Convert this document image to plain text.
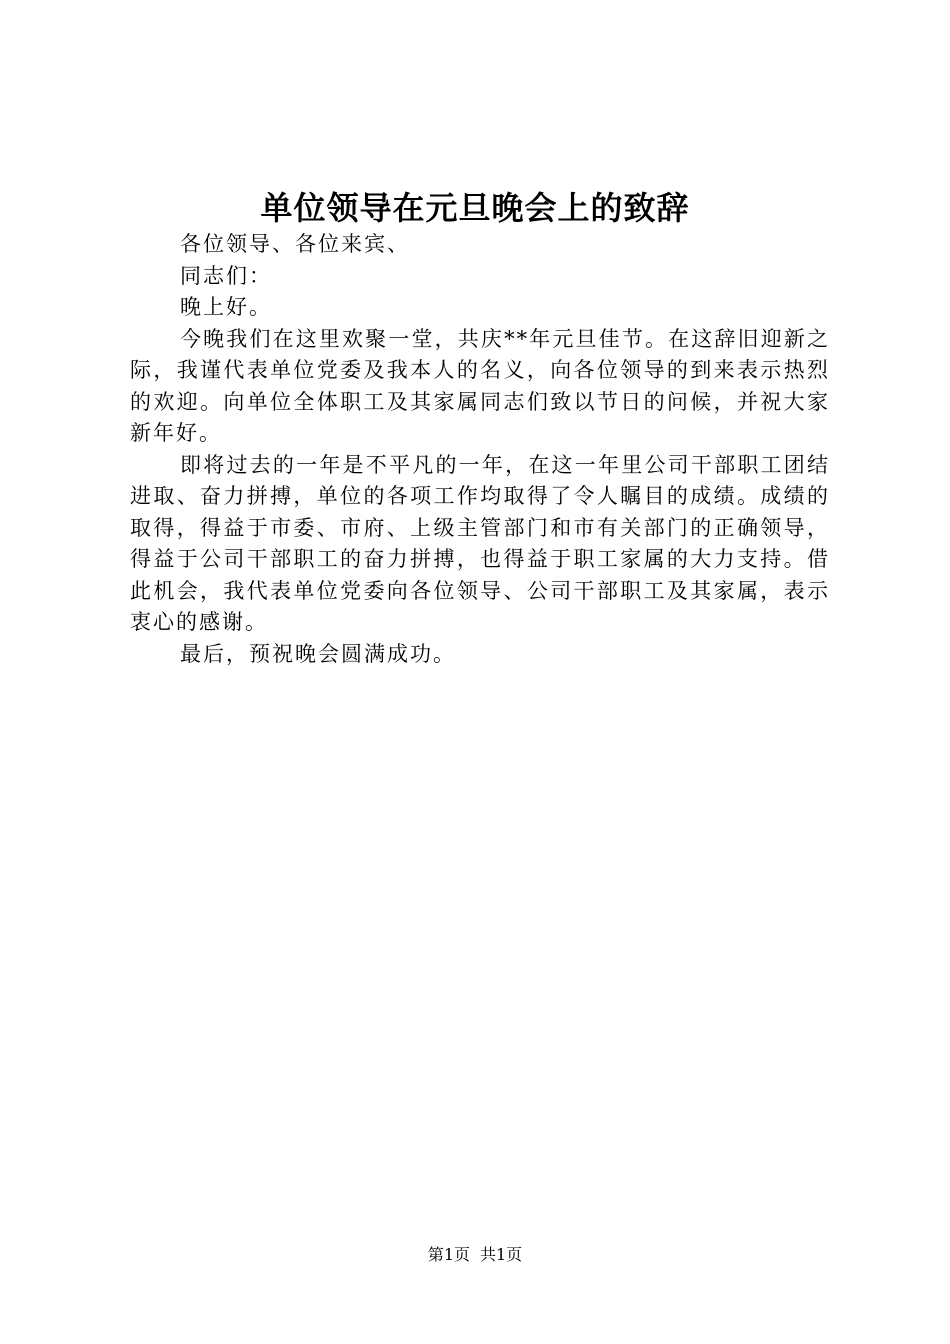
单位领导在元旦晚会上的致辞

各位领导、各位来宾、

同志们：

晚上好。

今晚我们在这里欢聚一堂，共庆**年元旦佳节。在这辞旧迎新之际，我谨代表单位党委及我本人的名义，向各位领导的到来表示热烈的欢迎。向单位全体职工及其家属同志们致以节日的问候，并祝大家新年好。

即将过去的一年是不平凡的一年，在这一年里公司干部职工团结进取、奋力拼搏，单位的各项工作均取得了令人瞩目的成绩。成绩的取得，得益于市委、市府、上级主管部门和市有关部门的正确领导，得益于公司干部职工的奋力拼搏，也得益于职工家属的大力支持。借此机会，我代表单位党委向各位领导、公司干部职工及其家属，表示衷心的感谢。

最后，预祝晚会圆满成功。

第1页 共1页
